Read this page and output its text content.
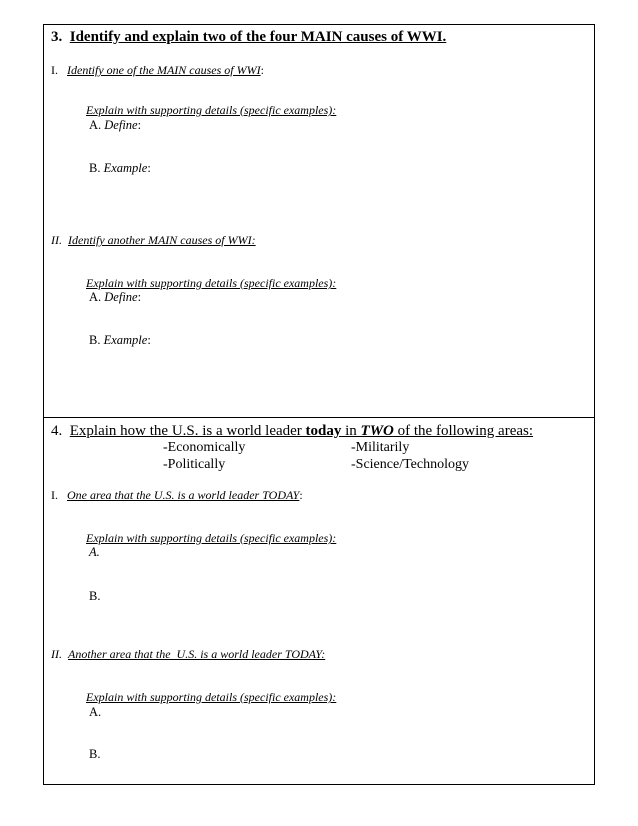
3. Identify and explain two of the four MAIN causes of WWI.
I. Identify one of the MAIN causes of WWI:
Explain with supporting details (specific examples):
A. Define:
B. Example:
II. Identify another MAIN causes of WWI:
Explain with supporting details (specific examples):
A. Define:
B. Example:
4. Explain how the U.S. is a world leader today in TWO of the following areas:
-Economically	-Militarily
-Politically	-Science/Technology
I. One area that the U.S. is a world leader TODAY:
Explain with supporting details (specific examples):
A.
B.
II. Another area that the  U.S. is a world leader TODAY:
Explain with supporting details (specific examples):
A.
B.
